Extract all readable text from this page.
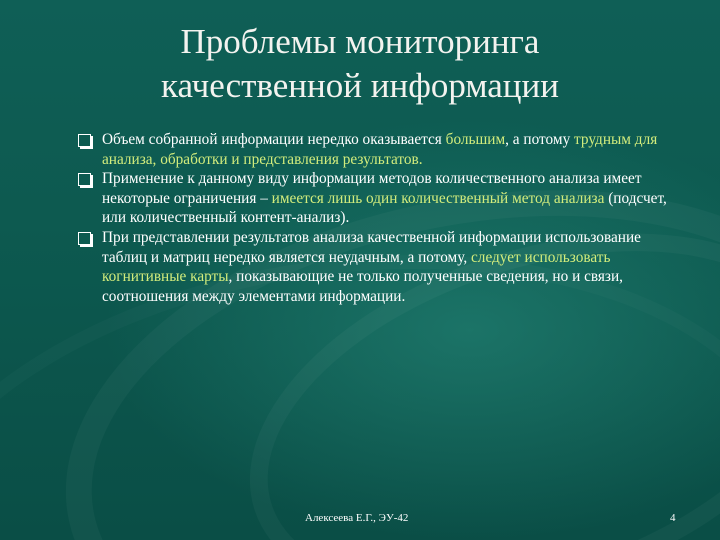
Проблемы мониторинга
качественной информации
Объем собранной информации нередко оказывается большим, а потому трудным для анализа, обработки и представления результатов.
Применение к данному виду информации методов количественного анализа имеет некоторые ограничения – имеется лишь один количественный метод анализа (подсчет, или количественный контент-анализ).
При представлении результатов анализа качественной информации использование таблиц и матриц нередко является неудачным, а потому, следует использовать когнитивные карты, показывающие не только полученные сведения, но и связи, соотношения между элементами информации.
Алексеева Е.Г., ЭУ-42	4
